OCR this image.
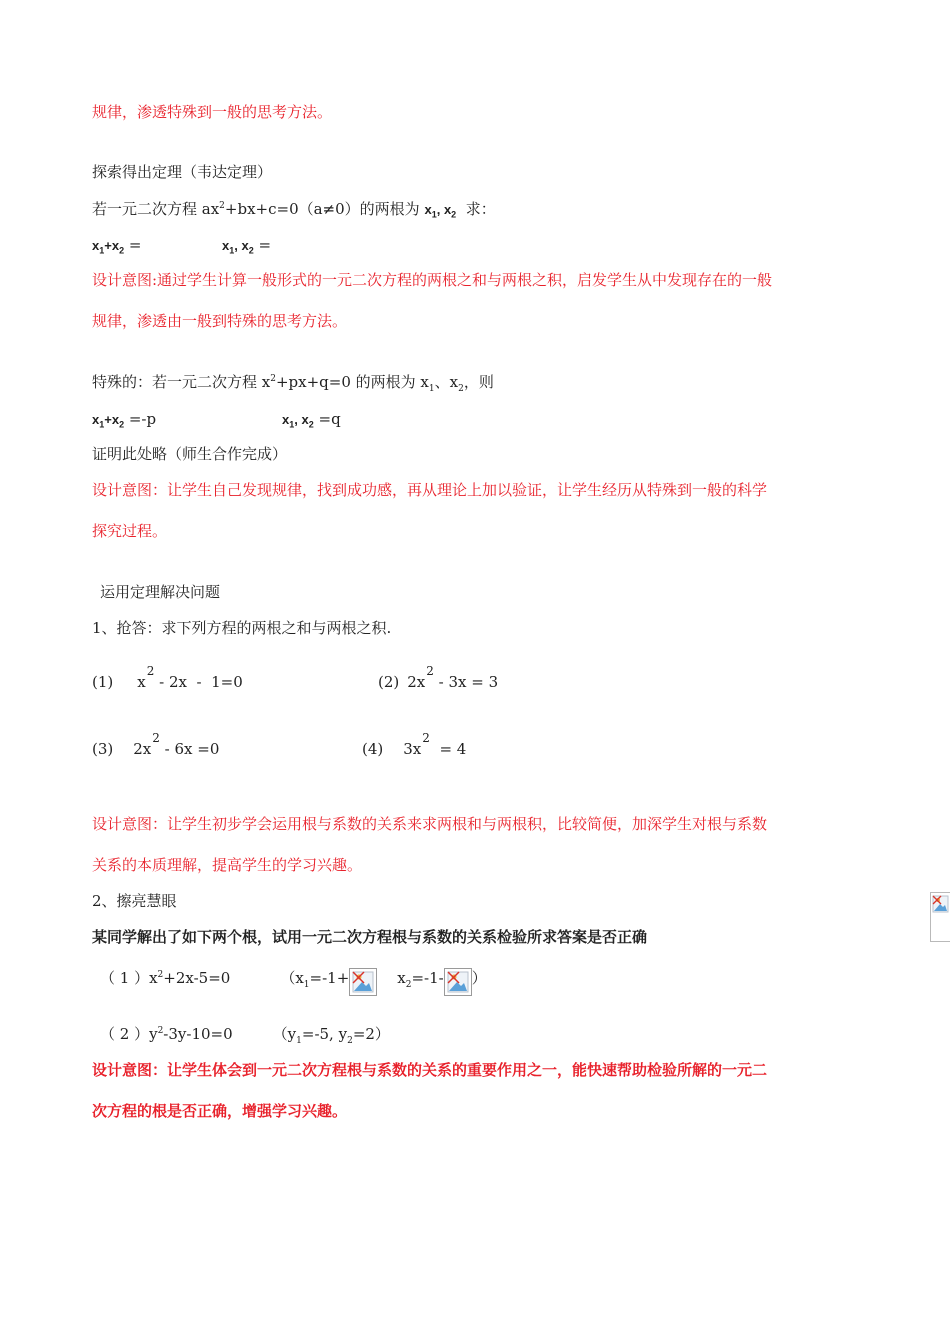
规律，渗透特殊到一般的思考方法。
探索得出定理（韦达定理）
若一元二次方程 $ax^2+bx+c=0(a\ne 0)$的两根为 $x_1$, $x_2$  求：
$x_1+x_2$ =	$x_1$, $x_2$ =
设计意图:通过学生计算一般形式的一元二次方程的两根之和与两根之积，启发学生从中发现存在的一般
规律，渗透由一般到特殊的思考方法。
特殊的：若一元二次方程 $x^2+px+q=0$ 的两根为 $x_1$、$x_2$，则
$x_1+x_2 =-p$	$x_1$, $x_2 =q$
证明此处略（师生合作完成）
设计意图：让学生自己发现规律，找到成功感，再从理论上加以验证，让学生经历从特殊到一般的科学
探究过程。
运用定理解决问题
1、抢答：求下列方程的两根之和与两根之积.
(1) $x^2 - 2x - 1=0$	(2) $2x^2 - 3x = 3$
(3) $2x^2 - 6x =0$	(4) $3x^2 = 4$
设计意图：让学生初步学会运用根与系数的关系来求两根和与两根积，比较简便，加深学生对根与系数
关系的本质理解，提高学生的学习兴趣。
2、擦亮慧眼
某同学解出了如下两个根，试用一元二次方程根与系数的关系检验所求答案是否正确
（ 1 ）$x^2+2x-5=0$	（$x_1=-1+$	$x_2=-1-$ ）
（ 2 ）$y^2-3y-10=0$	（$y_1=-5$, $y_2=2$）
设计意图：让学生体会到一元二次方程根与系数的关系的重要作用之一，能快速帮助检验所解的一元二
次方程的根是否正确，增强学习兴趣。
